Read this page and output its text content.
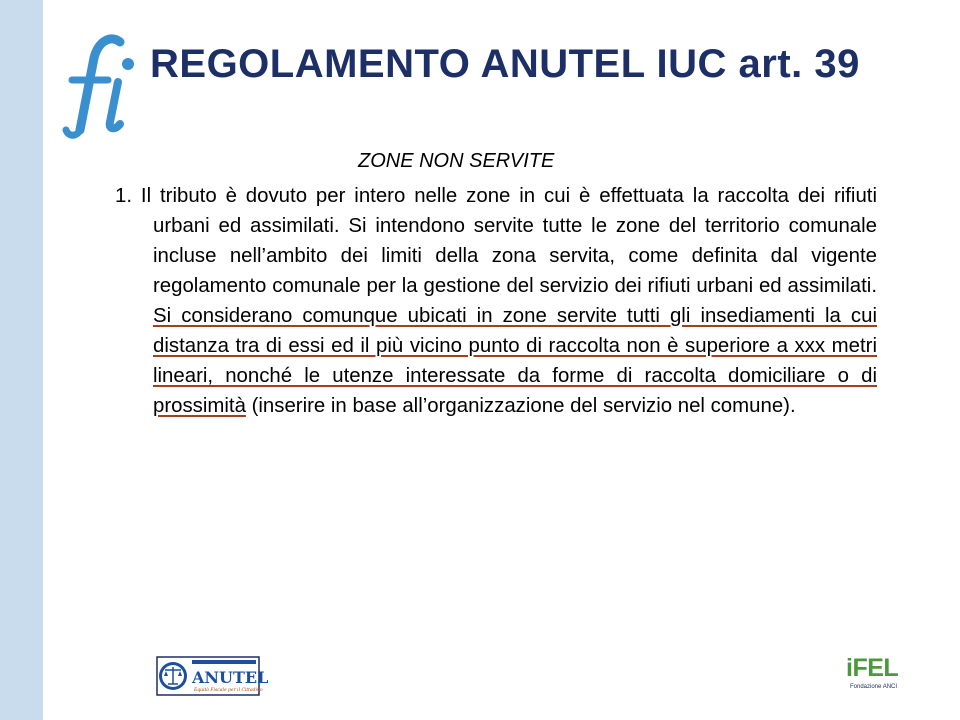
REGOLAMENTO ANUTEL IUC art. 39

ZONE NON SERVITE

1. Il tributo è dovuto per intero nelle zone in cui è effettuata la raccolta dei rifiuti urbani ed assimilati. Si intendono servite tutte le zone del territorio comunale incluse nell’ambito dei limiti della zona servita, come definita dal vigente regolamento comunale per la gestione del servizio dei rifiuti urbani ed assimilati. Si considerano comunque ubicati in zone servite tutti gli insediamenti la cui distanza tra di essi ed il più vicino punto di raccolta non è superiore a xxx metri lineari, nonché le utenze interessate da forme di raccolta domiciliare o di prossimità (inserire in base all’organizzazione del servizio nel comune).

ANUTEL
Equità Fiscale per il Cittadino
iFEL
Fondazione ANCI
